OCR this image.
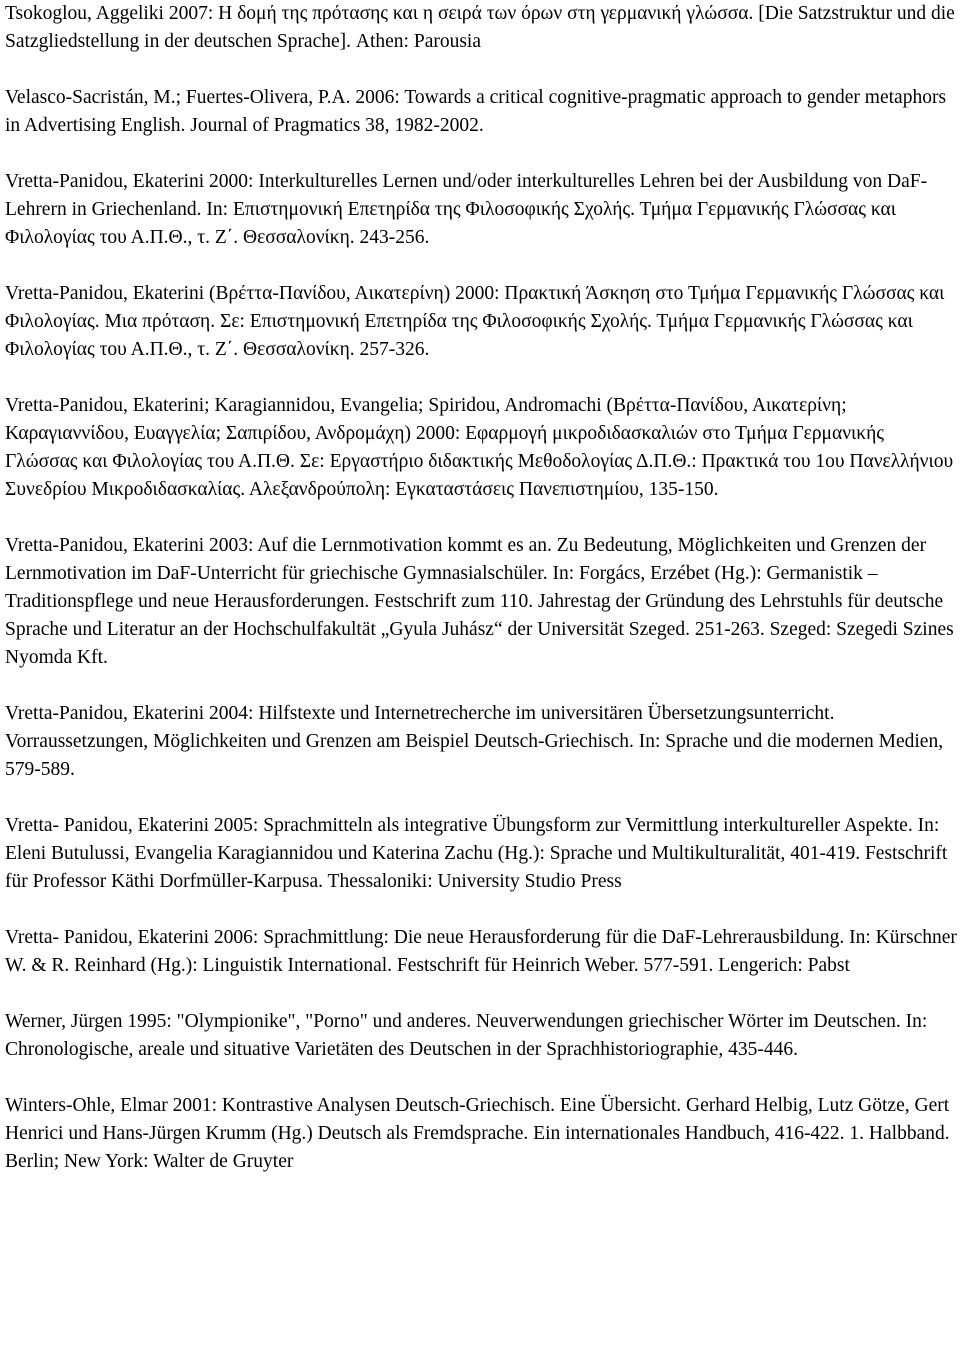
Tsokoglou, Aggeliki 2007: Η δομή της πρότασης και η σειρά των όρων στη γερμανική γλώσσα. [Die Satzstruktur und die Satzgliedstellung in der deutschen Sprache]. Athen: Parousia

Velasco-Sacristán, M.; Fuertes-Olivera, P.A. 2006: Towards a critical cognitive-pragmatic approach to gender metaphors in Advertising English. Journal of Pragmatics 38, 1982-2002.

Vretta-Panidou, Ekaterini 2000: Interkulturelles Lernen und/oder interkulturelles Lehren bei der Ausbildung von DaF-Lehrern in Griechenland. In: Επιστημονική Επετηρίδα της Φιλοσοφικής Σχολής. Τμήμα Γερμανικής Γλώσσας και Φιλολογίας του Α.Π.Θ., τ. Ζ΄. Θεσσαλονίκη. 243-256.

Vretta-Panidou, Ekaterini (Βρέττα-Πανίδου, Αικατερίνη) 2000: Πρακτική Άσκηση στο Τμήμα Γερμανικής Γλώσσας και Φιλολογίας. Μια πρόταση. Σε: Επιστημονική Επετηρίδα της Φιλοσοφικής Σχολής. Τμήμα Γερμανικής Γλώσσας και Φιλολογίας του Α.Π.Θ., τ. Ζ΄. Θεσσαλονίκη. 257-326.

Vretta-Panidou, Ekaterini; Karagiannidou, Evangelia; Spiridou, Andromachi (Βρέττα-Πανίδου, Αικατερίνη; Καραγιαννίδου, Ευαγγελία; Σαπιρίδου, Ανδρομάχη) 2000: Εφαρμογή μικροδιδασκαλιών στο Τμήμα Γερμανικής Γλώσσας και Φιλολογίας του Α.Π.Θ. Σε: Εργαστήριο διδακτικής Μεθοδολογίας Δ.Π.Θ.: Πρακτικά του 1ου Πανελλήνιου Συνεδρίου Μικροδιδασκαλίας. Αλεξανδρούπολη: Εγκαταστάσεις Πανεπιστημίου, 135-150.

Vretta-Panidou, Ekaterini 2003: Auf die Lernmotivation kommt es an. Zu Bedeutung, Möglichkeiten und Grenzen der Lernmotivation im DaF-Unterricht für griechische Gymnasialschüler. In: Forgács, Erzébet (Hg.): Germanistik – Traditionspflege und neue Herausforderungen. Festschrift zum 110. Jahrestag der Gründung des Lehrstuhls für deutsche Sprache und Literatur an der Hochschulfakultät „Gyula Juhász“ der Universität Szeged. 251-263. Szeged: Szegedi Szines Nyomda Kft.

Vretta-Panidou, Ekaterini 2004: Hilfstexte und Internetrecherche im universitären Übersetzungsunterricht. Vorraussetzungen, Möglichkeiten und Grenzen am Beispiel Deutsch-Griechisch. In: Sprache und die modernen Medien, 579-589.

Vretta- Panidou, Ekaterini 2005: Sprachmitteln als integrative Übungsform zur Vermittlung interkultureller Aspekte. In: Eleni Butulussi, Evangelia Karagiannidou und Katerina Zachu (Hg.): Sprache und Multikulturalität, 401-419. Festschrift für Professor Käthi Dorfmüller-Karpusa. Thessaloniki: University Studio Press

Vretta- Panidou, Ekaterini 2006: Sprachmittlung: Die neue Herausforderung für die DaF-Lehrerausbildung. In: Kürschner W. & R. Reinhard (Hg.): Linguistik International. Festschrift für Heinrich Weber. 577-591. Lengerich: Pabst

Werner, Jürgen 1995: "Olympionike", "Porno" und anderes. Neuverwendungen griechischer Wörter im Deutschen. In: Chronologische, areale und situative Varietäten des Deutschen in der Sprachhistoriographie, 435-446.

Winters-Ohle, Elmar 2001: Kontrastive Analysen Deutsch-Griechisch. Eine Übersicht. Gerhard Helbig, Lutz Götze, Gert Henrici und Hans-Jürgen Krumm (Hg.) Deutsch als Fremdsprache. Ein internationales Handbuch, 416-422. 1. Halbband. Berlin; New York: Walter de Gruyter
